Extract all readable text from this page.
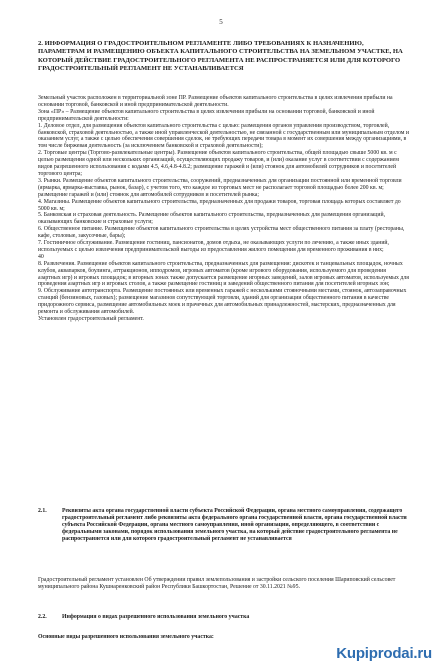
5
2. ИНФОРМАЦИЯ О ГРАДОСТРОИТЕЛЬНОМ РЕГЛАМЕНТЕ ЛИБО ТРЕБОВАНИЯХ К НАЗНАЧЕНИЮ, ПАРАМЕТРАМ И РАЗМЕЩЕНИЮ ОБЪЕКТА КАПИТАЛЬНОГО СТРОИТЕЛЬСТВА НА ЗЕМЕЛЬНОМ УЧАСТКЕ, НА КОТОРЫЙ ДЕЙСТВИЕ ГРАДОСТРОИТЕЛЬНОГО РЕГЛАМЕНТА НЕ РАСПРОСТРАНЯЕТСЯ ИЛИ ДЛЯ КОТОРОГО ГРАДОСТРОИТЕЛЬНЫЙ РЕГЛАМЕНТ НЕ УСТАНАВЛИВАЕТСЯ

Земельный участок расположен в территориальной зоне ПР. Размещение объектов капитального строительства в целях извлечения прибыли на основании торговой, банковской и иной предпринимательской деятельности.

Зона «ПР» – Размещение объектов капитального строительства в целях извлечения прибыли на основании торговой, банковской и иной предпринимательской деятельности:

1. Деловое отдел, для размещения объектов капитального строительства с целью: размещения органов управления производством, торговлей, банковской, страховой деятельностью, а также иной управленческой деятельностью, не связанной с государственным или муниципальным отделом и оказанием услуг, а также с целью обеспечения совершения сделок, не требующих передачи товара в момент их совершения между организациями, в том числе биржевая деятельность (за исключением банковской и страховой деятельности);

2. Торговые центры (Торгово-развлекательные центры). Размещение объектов капитального строительства, общей площадью свыше 5000 кв. м с целью размещения одной или нескольких организаций, осуществляющих продажу товаров, и (или) оказание услуг в соответствии с содержанием видов разрешенного использования с кодами 4.5, 4.6,4.8-4.8.2; размещение гаражей и (или) стоянок для автомобилей сотрудников и посетителей торгового центра;

3. Рынки. Размещение объектов капитального строительства, сооружений, предназначенных для организации постоянной или временной торговли (ярмарка, ярмарка-выставка, рынок, базар), с учетом того, что каждое из торговых мест не располагает торговой площадью более 200 кв. м; размещение гаражей и (или) стоянок для автомобилей сотрудников и посетителей рынка;

4. Магазины. Размещение объектов капитального строительства, предназначенных для продажи товаров, торговая площадь которых составляет до 5000 кв. м;

5. Банковская и страховая деятельность. Размещение объектов капитального строительства, предназначенных для размещения организаций, оказывающих банковские и страховые услуги;

6. Общественное питание. Размещение объектов капитального строительства в целях устройства мест общественного питания за плату (рестораны, кафе, столовые, закусочные, бары);

7. Гостиничное обслуживание. Размещение гостиниц, пансионатов, домов отдыха, не оказывающих услуги по лечению, а также иных зданий, используемых с целью извлечения предпринимательской выгоды из предоставления жилого помещения для временного проживания в них;

40

8. Развлечения. Размещение объектов капитального строительства, предназначенных для размещения: дискотек и танцевальных площадок, ночных клубов, аквапарков, боулинга, аттракционов, ипподромов, игровых автоматов (кроме игрового оборудования, используемого для проведения азартных игр) и игровых площадок; в игорных зонах также допускается размещение игорных заведений, залов игровых автоматов, используемых для проведения азартных игр и игровых столов, а также размещение гостиниц и заведений общественного питания для посетителей игорных зон;

9. Обслуживание автотранспорта. Размещение постоянных или временных гаражей с несколькими стояночными местами, стоянок, автозаправочных станций (бензиновых, газовых); размещение магазинов сопутствующей торговли, зданий для организации общественного питания в качестве придорожного сервиса, размещение автомобильных моек и прачечных для автомобильных принадлежностей, мастерских, предназначенных для ремонта и обслуживания автомобилей.

Установлен градостроительный регламент.

2.1.	Реквизиты акта органа государственной власти субъекта Российской Федерации, органа местного самоуправления, содержащего градостроительный регламент либо реквизиты акта федерального органа государственной власти, органа государственной власти субъекта Российской Федерации, органа местного самоуправления, иной организации, определяющего, в соответствии с федеральными законами, порядок использования земельного участка, на который действие градостроительного регламента не распространяется или для которого градостроительный регламент не устанавливается
Градостроительный регламент установлен Об утверждении правил землепользования и застройки сельского поселения Шариповский сельсовет муниципального района Кушнаренковский район Республики Башкортостан, Решение от 30.11.2021 №95.
2.2.	Информация о видах разрешенного использования земельного участка
Основные виды разрешенного использования земельного участка:
Kupiprodai.ru
